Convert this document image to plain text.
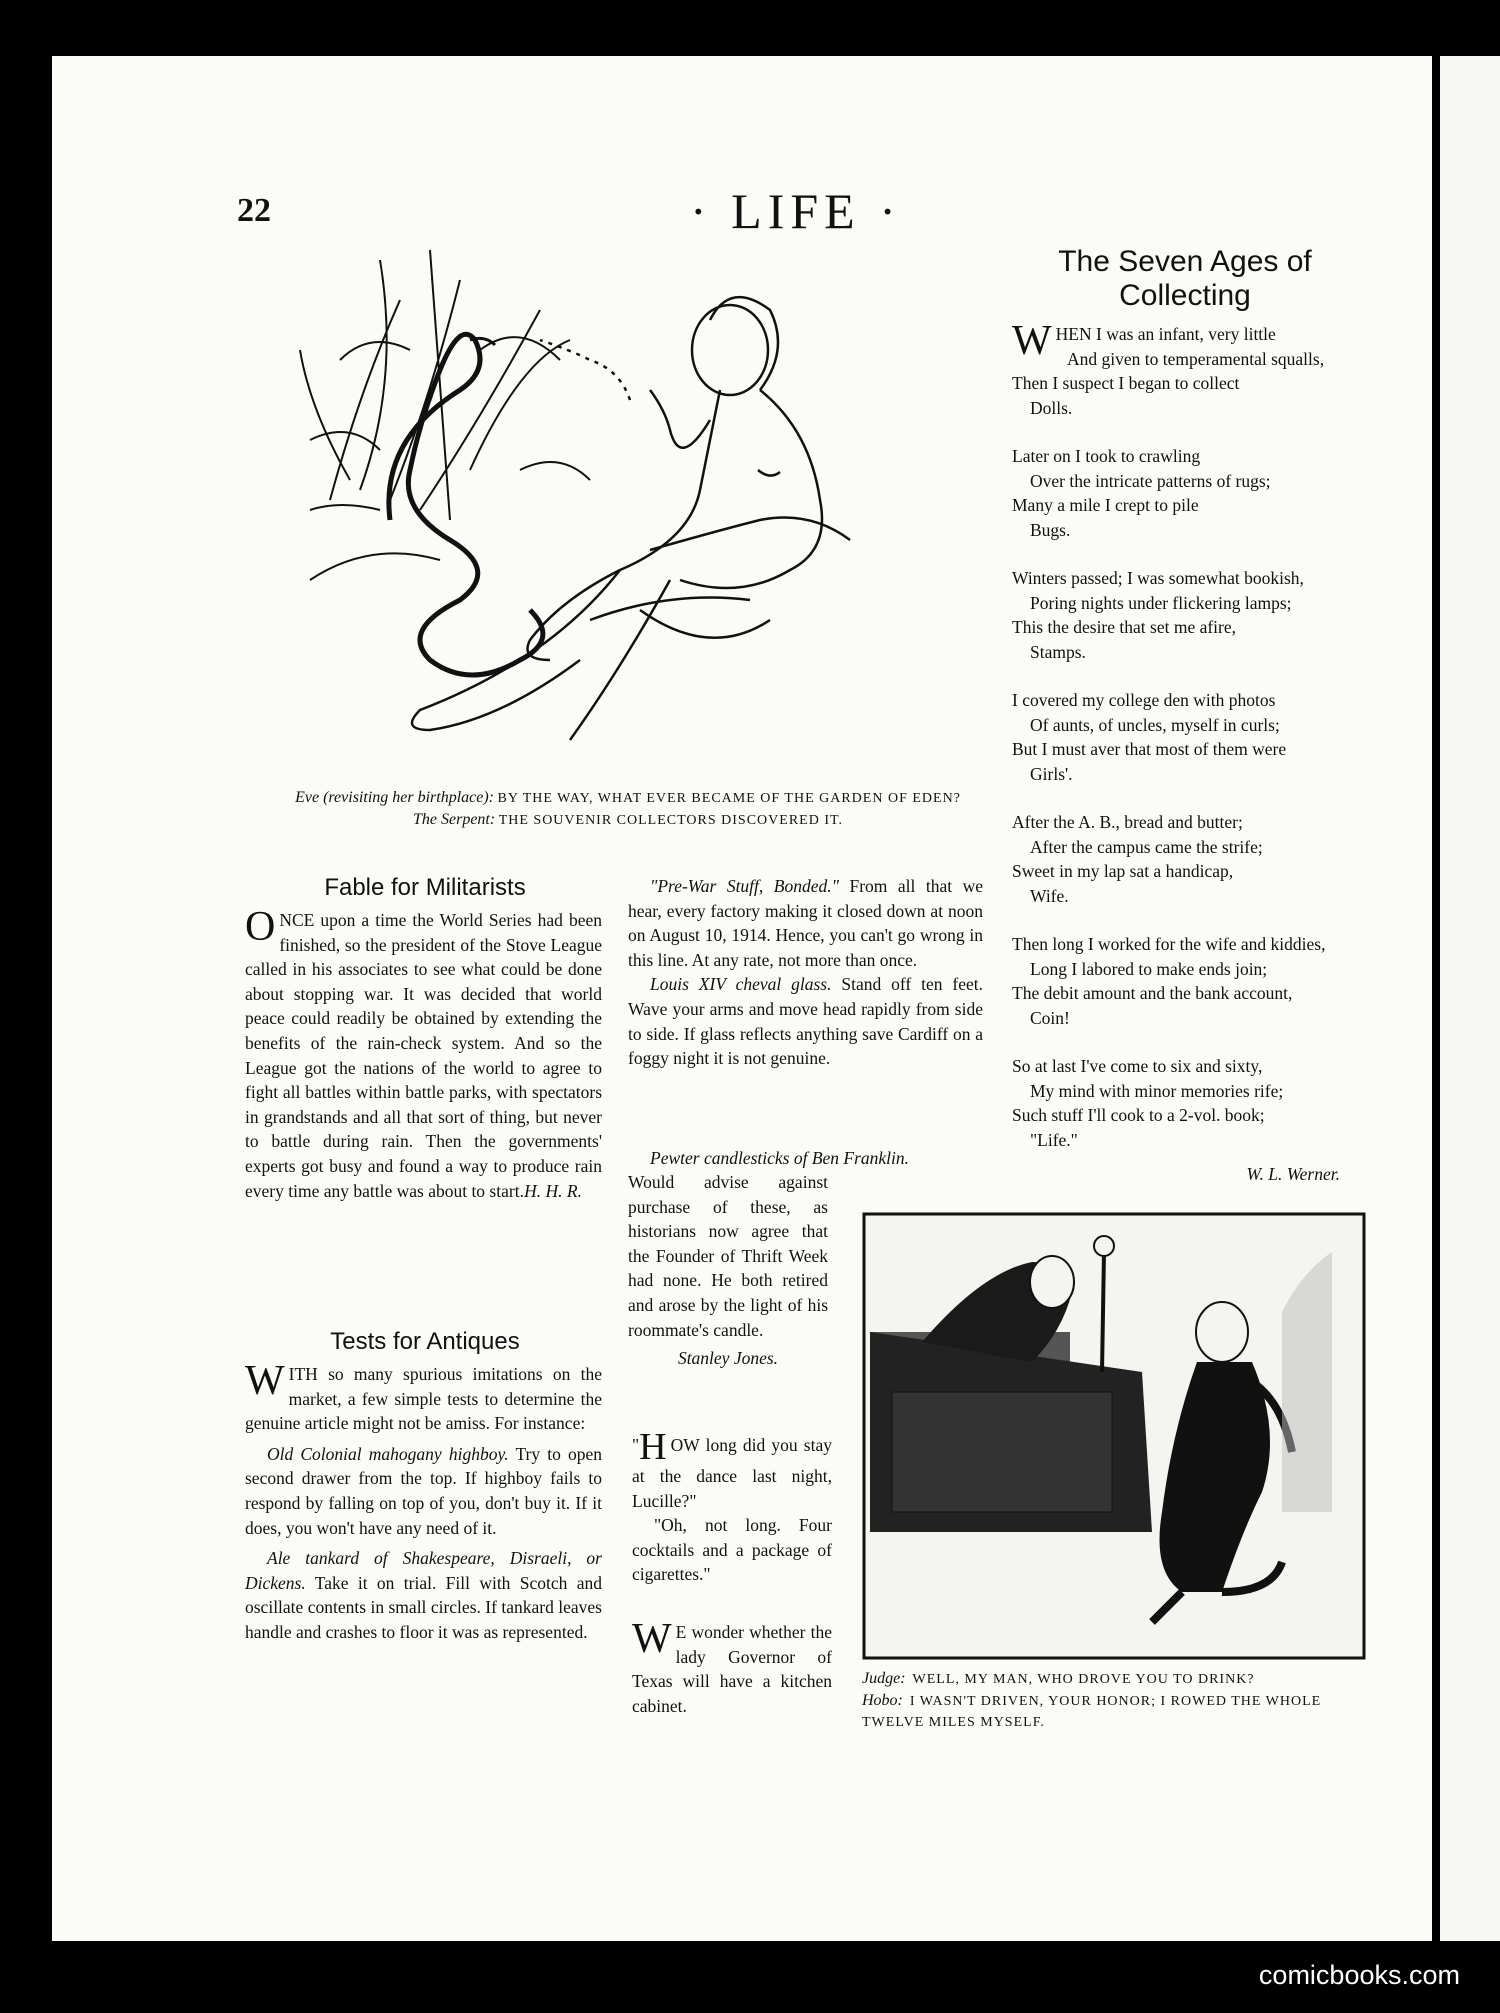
22	· LIFE ·
Eve (revisiting her birthplace): BY THE WAY, WHAT EVER BECAME OF THE GARDEN OF EDEN?
The Serpent: THE SOUVENIR COLLECTORS DISCOVERED IT.
Fable for Militarists

ONCE upon a time the World Series had been finished, so the president of the Stove League called in his associates to see what could be done about stopping war. It was decided that world peace could readily be obtained by extending the benefits of the rain-check system. And so the League got the nations of the world to agree to fight all battles within battle parks, with spectators in grandstands and all that sort of thing, but never to battle during rain. Then the governments' experts got busy and found a way to produce rain every time any battle was about to start. H. H. R.

Tests for Antiques

WITH so many spurious imitations on the market, a few simple tests to determine the genuine article might not be amiss. For instance:

Old Colonial mahogany highboy. Try to open second drawer from the top. If highboy fails to respond by falling on top of you, don't buy it. If it does, you won't have any need of it.

Ale tankard of Shakespeare, Disraeli, or Dickens. Take it on trial. Fill with Scotch and oscillate contents in small circles. If tankard leaves handle and crashes to floor it was as represented.

"Pre-War Stuff, Bonded." From all that we hear, every factory making it closed down at noon on August 10, 1914. Hence, you can't go wrong in this line. At any rate, not more than once.

Louis XIV cheval glass. Stand off ten feet. Wave your arms and move head rapidly from side to side. If glass reflects anything save Cardiff on a foggy night it is not genuine.

Pewter candlesticks of Ben Franklin.

Would advise against purchase of these, as historians now agree that the Founder of Thrift Week had none. He both retired and arose by the light of his roommate's candle.

Stanley Jones.

"H OW long did you stay at the dance last night, Lucille?"

"Oh, not long. Four cocktails and a package of cigarettes."

W E wonder whether the lady Governor of Texas will have a kitchen cabinet.

The Seven Ages of Collecting
WHEN I was an infant, very little
And given to temperamental squalls,
Then I suspect I began to collect
Dolls.
Later on I took to crawling
Over the intricate patterns of rugs;
Many a mile I crept to pile
Bugs.
Winters passed; I was somewhat bookish,
Poring nights under flickering lamps;
This the desire that set me afire,
Stamps.
I covered my college den with photos
Of aunts, of uncles, myself in curls;
But I must aver that most of them were
Girls'.
After the A. B., bread and butter;
After the campus came the strife;
Sweet in my lap sat a handicap,
Wife.
Then long I worked for the wife and kiddies,
Long I labored to make ends join;
The debit amount and the bank account,
Coin!
So at last I've come to six and sixty,
My mind with minor memories rife;
Such stuff I'll cook to a 2-vol. book;
"Life."
W. L. Werner.
Judge: WELL, MY MAN, WHO DROVE YOU TO DRINK?
Hobo: I WASN'T DRIVEN, YOUR HONOR; I ROWED THE WHOLE TWELVE MILES MYSELF.
comicbooks.com
